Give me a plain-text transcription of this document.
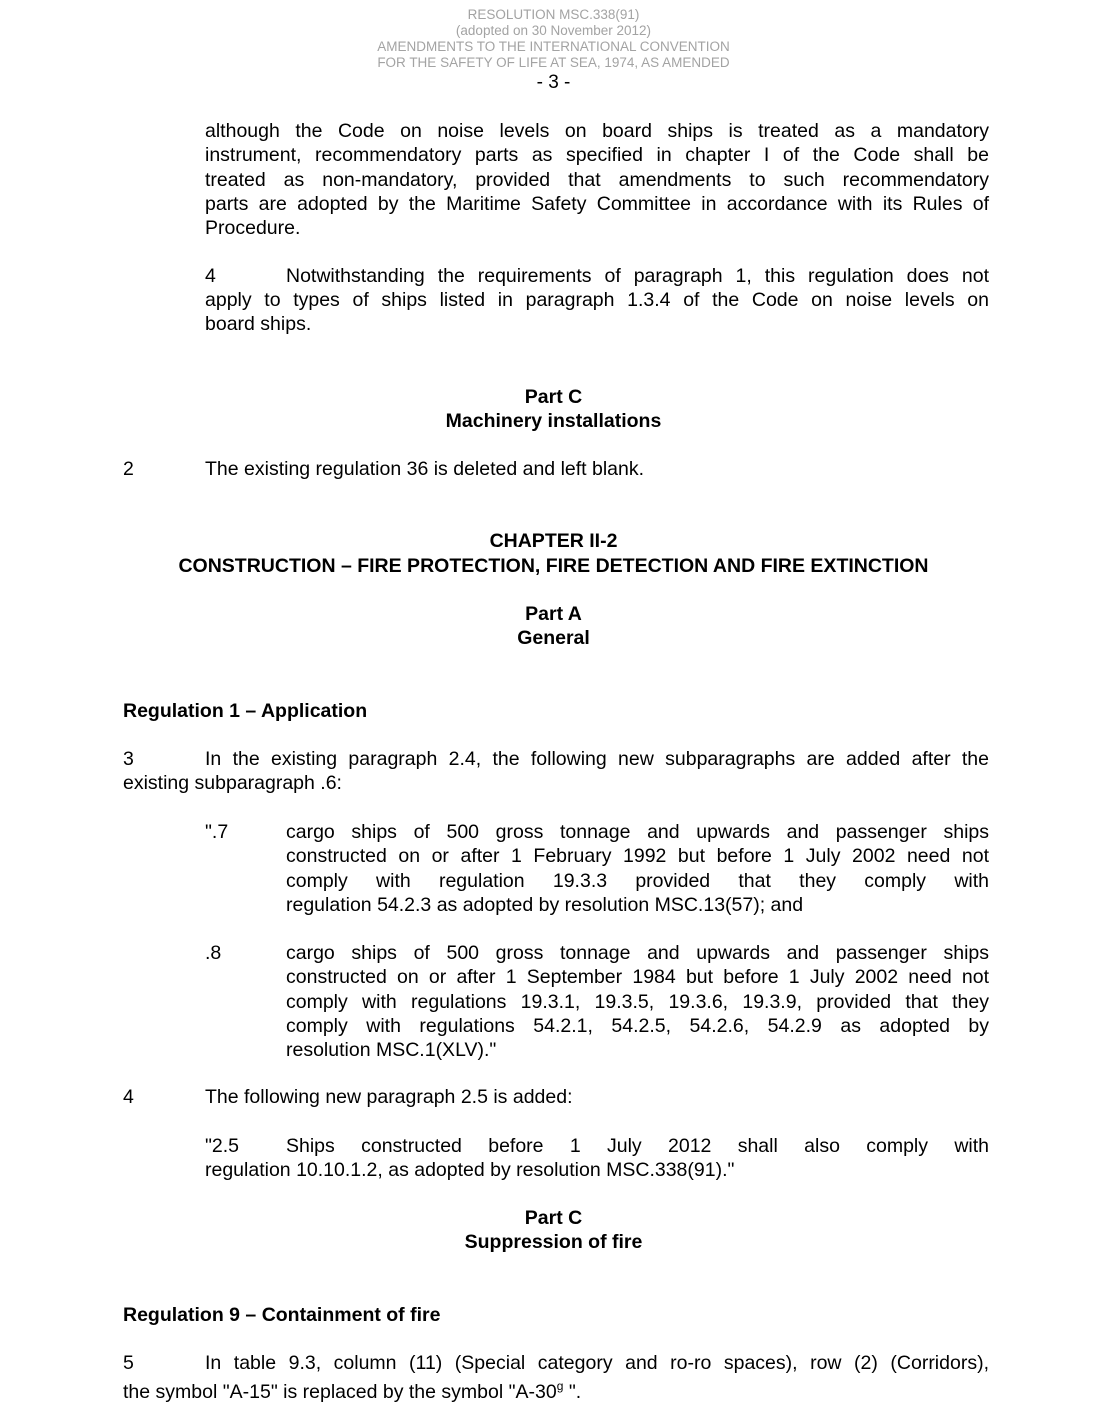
RESOLUTION MSC.338(91)
(adopted on 30 November 2012)
AMENDMENTS TO THE INTERNATIONAL CONVENTION
FOR THE SAFETY OF LIFE AT SEA, 1974, AS AMENDED
- 3 -
although the Code on noise levels on board ships is treated as a mandatory
instrument, recommendatory parts as specified in chapter I of the Code shall be
treated as non-mandatory, provided that amendments to such recommendatory
parts are adopted by the Maritime Safety Committee in accordance with its Rules of
Procedure.
4	Notwithstanding the requirements of paragraph 1, this regulation does not
apply to types of ships listed in paragraph 1.3.4 of the Code on noise levels on
board ships.
Part C
Machinery installations
2	The existing regulation 36 is deleted and left blank.
CHAPTER II-2
CONSTRUCTION – FIRE PROTECTION, FIRE DETECTION AND FIRE EXTINCTION
Part A
General
Regulation 1 – Application
3	In the existing paragraph 2.4, the following new subparagraphs are added after the
existing subparagraph .6:
".7	cargo ships of 500 gross tonnage and upwards and passenger ships
constructed on or after 1 February 1992 but before 1 July 2002 need not
comply with regulation 19.3.3 provided that they comply with
regulation 54.2.3 as adopted by resolution MSC.13(57); and
.8	cargo ships of 500 gross tonnage and upwards and passenger ships
constructed on or after 1 September 1984 but before 1 July 2002 need not
comply with regulations 19.3.1, 19.3.5, 19.3.6, 19.3.9, provided that they
comply with regulations 54.2.1, 54.2.5, 54.2.6, 54.2.9 as adopted by
resolution MSC.1(XLV)."
4	The following new paragraph 2.5 is added:
"2.5 Ships constructed before 1 July 2012 shall also comply with
regulation 10.10.1.2, as adopted by resolution MSC.338(91)."
Part C
Suppression of fire
Regulation 9 – Containment of fire
5	In table 9.3, column (11) (Special category and ro-ro spaces), row (2) (Corridors),
the symbol "A-15" is replaced by the symbol "A-30$^g$ ".
